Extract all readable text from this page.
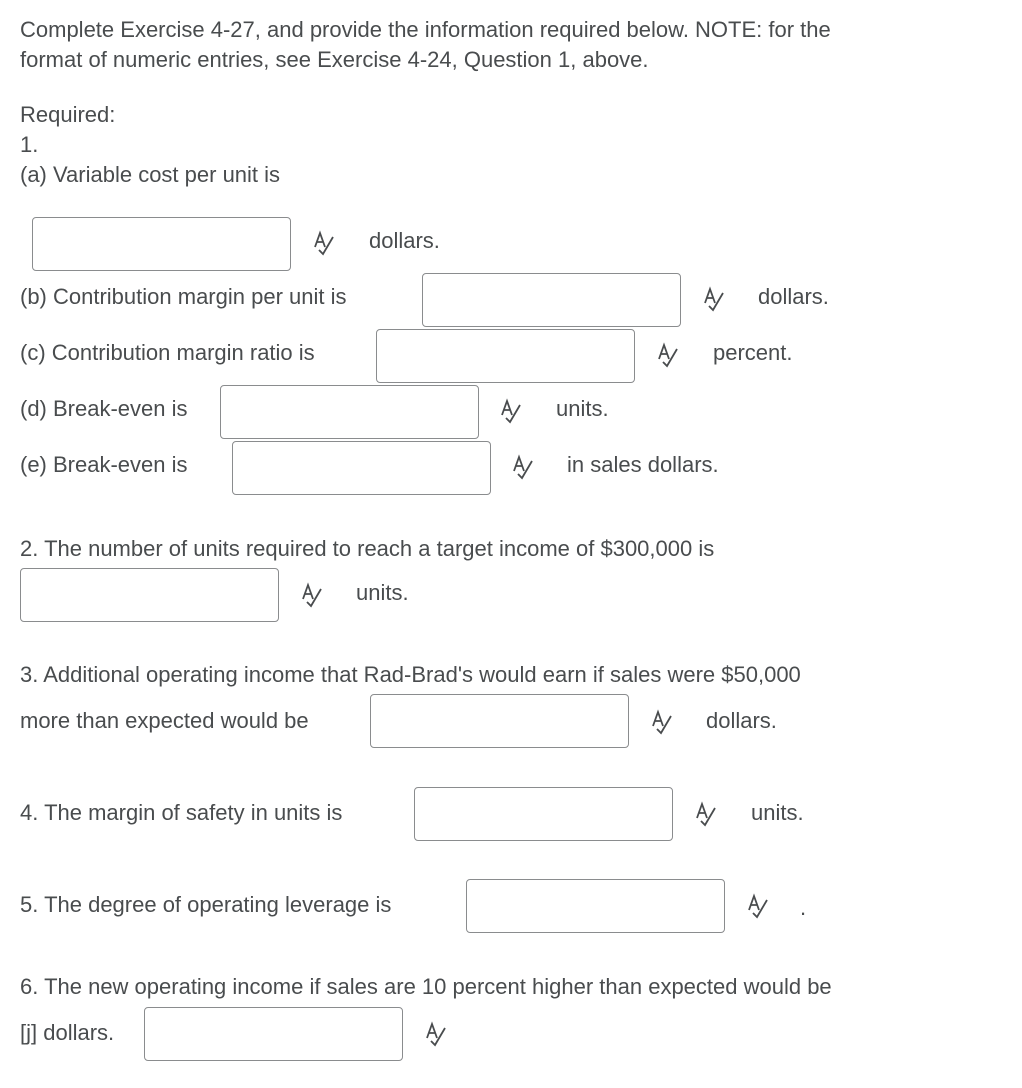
Complete Exercise 4-27, and provide the information required below. NOTE: for the
format of numeric entries, see Exercise 4-24, Question 1, above.
Required:
1.
(a) Variable cost per unit is
dollars.
(b) Contribution margin per unit is	dollars.
(c) Contribution margin ratio is	percent.
(d) Break-even is	units.
(e) Break-even is	in sales dollars.
2. The number of units required to reach a target income of $300,000 is
units.
3. Additional operating income that Rad-Brad's would earn if sales were $50,000
more than expected would be	dollars.
4. The margin of safety in units is	units.
5. The degree of operating leverage is	.
6. The new operating income if sales are 10 percent higher than expected would be
[j] dollars.
